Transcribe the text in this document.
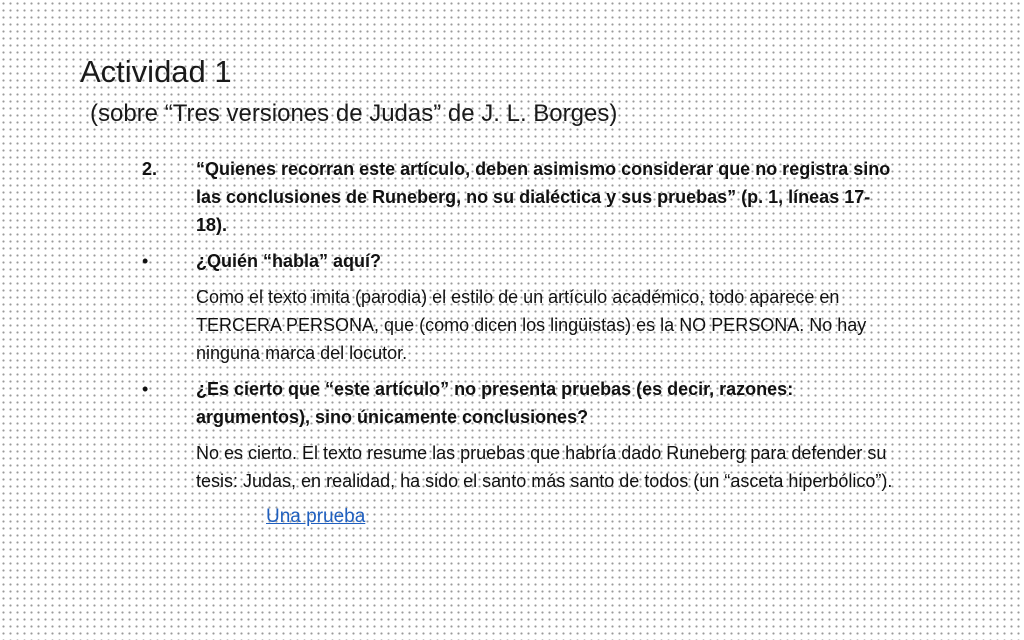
Actividad 1
(sobre “Tres versiones de Judas” de J. L. Borges)
2.	“Quienes recorran este artículo, deben asimismo considerar que no registra sino las conclusiones de Runeberg, no su dialéctica y sus pruebas” (p. 1, líneas 17-18).
•	¿Quién “habla” aquí?
Como el texto imita (parodia) el estilo de un artículo académico, todo aparece en TERCERA PERSONA, que (como dicen los lingüistas) es la NO PERSONA. No hay ninguna marca del locutor.
•	¿Es cierto que “este artículo” no presenta pruebas (es decir, razones: argumentos), sino únicamente conclusiones?
No es cierto. El texto resume las pruebas que habría dado Runeberg para defender su tesis: Judas, en realidad, ha sido el santo más santo de todos (un “asceta hiperbólico”).
Una prueba
